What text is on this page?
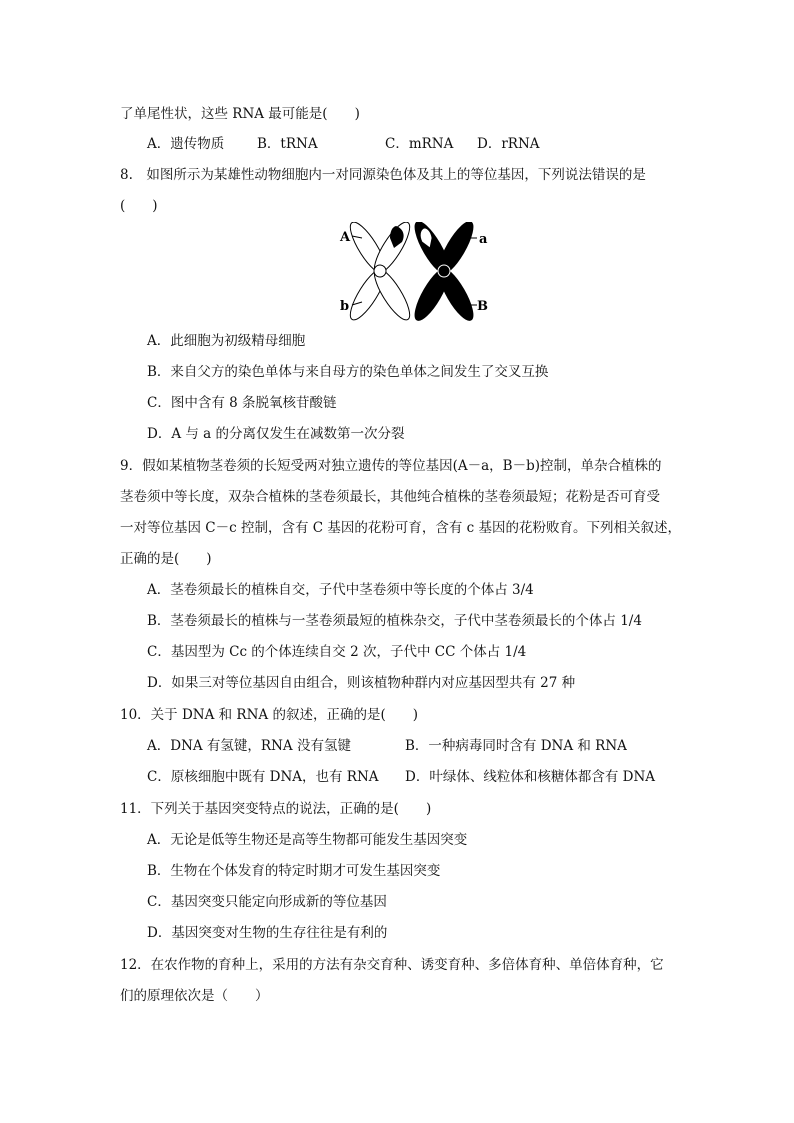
了单尾性状，这些 RNA 最可能是(　　)
A．遗传物质 B．tRNA	C．mRNA D．rRNA
8.　如图所示为某雄性动物细胞内一对同源染色体及其上的等位基因，下列说法错误的是
(　　)
A
b
a
B
A．此细胞为初级精母细胞
B．来自父方的染色单体与来自母方的染色单体之间发生了交叉互换
C．图中含有 8 条脱氧核苷酸链
D．A 与 a 的分离仅发生在减数第一次分裂
9．假如某植物茎卷须的长短受两对独立遗传的等位基因(A－a，B－b)控制，单杂合植株的
茎卷须中等长度，双杂合植株的茎卷须最长，其他纯合植株的茎卷须最短；花粉是否可育受
一对等位基因 C－c 控制，含有 C 基因的花粉可育，含有 c 基因的花粉败育。下列相关叙述，
正确的是(　　)
A．茎卷须最长的植株自交，子代中茎卷须中等长度的个体占 3/4
B．茎卷须最长的植株与一茎卷须最短的植株杂交，子代中茎卷须最长的个体占 1/4
C．基因型为 Cc 的个体连续自交 2 次，子代中 CC 个体占 1/4
D．如果三对等位基因自由组合，则该植物种群内对应基因型共有 27 种
10．关于 DNA 和 RNA 的叙述，正确的是(　　)
A．DNA 有氢键，RNA 没有氢键	B．一种病毒同时含有 DNA 和 RNA
C．原核细胞中既有 DNA，也有 RNA D．叶绿体、线粒体和核糖体都含有 DNA
11．下列关于基因突变特点的说法，正确的是(　　)
A．无论是低等生物还是高等生物都可能发生基因突变
B．生物在个体发育的特定时期才可发生基因突变
C．基因突变只能定向形成新的等位基因
D．基因突变对生物的生存往往是有利的
12．在农作物的育种上，采用的方法有杂交育种、诱变育种、多倍体育种、单倍体育种，它
们的原理依次是（　　）
